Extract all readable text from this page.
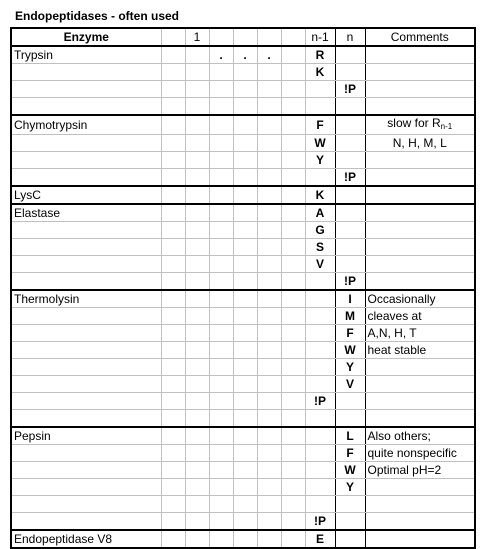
Endopeptidases - often used
Enzyme		1					n-1	n	Comments
Trypsin			.	.	.		R		
							K		
								!P	

Chymotrypsin							F		slow for $R_{n-1}$
							W		N, H, M, L
							Y		
								!P	
LysC							K		
Elastase							A		
							G		
							S		
							V		
								!P	
Thermolysin								I	Occasionally
								M	cleaves at
								F	A,N, H, T
								W	heat stable
								Y	
								V	
							!P		

Pepsin								L	Also others;
								F	quite nonspecific
								W	Optimal pH=2
								Y	

							!P		
Endopeptidase V8							E		
